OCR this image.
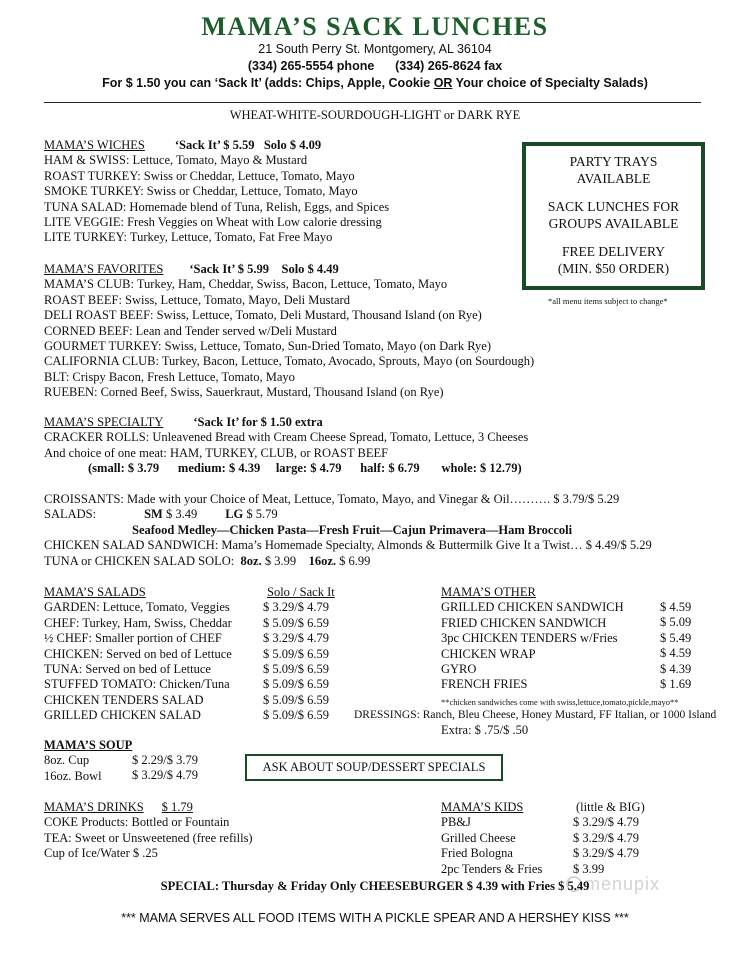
MAMA’S SACK LUNCHES
21 South Perry St. Montgomery, AL 36104
(334) 265-5554 phone      (334) 265-8624 fax
For $ 1.50 you can ‘Sack It’ (adds: Chips, Apple, Cookie OR Your choice of Specialty Salads)
WHEAT-WHITE-SOURDOUGH-LIGHT or DARK RYE
MAMA’S WICHES ‘Sack It’ $ 5.59   Solo $ 4.09
HAM & SWISS: Lettuce, Tomato, Mayo & Mustard
ROAST TURKEY: Swiss or Cheddar, Lettuce, Tomato, Mayo
SMOKE TURKEY: Swiss or Cheddar, Lettuce, Tomato, Mayo
TUNA SALAD: Homemade blend of Tuna, Relish, Eggs, and Spices
LITE VEGGIE: Fresh Veggies on Wheat with Low calorie dressing
LITE TURKEY: Turkey, Lettuce, Tomato, Fat Free Mayo
PARTY TRAYS

AVAILABLE

SACK LUNCHES FOR

GROUPS AVAILABLE

FREE DELIVERY
(MIN. $50 ORDER)
*all menu items subject to change*
MAMA’S FAVORITES ‘Sack It’ $ 5.99    Solo $ 4.49
MAMA’S CLUB: Turkey, Ham, Cheddar, Swiss, Bacon, Lettuce, Tomato, Mayo
ROAST BEEF: Swiss, Lettuce, Tomato, Mayo, Deli Mustard
DELI ROAST BEEF: Swiss, Lettuce, Tomato, Deli Mustard, Thousand Island (on Rye)
CORNED BEEF: Lean and Tender served w/Deli Mustard
GOURMET TURKEY: Swiss, Lettuce, Tomato, Sun-Dried Tomato, Mayo (on Dark Rye)
CALIFORNIA CLUB: Turkey, Bacon, Lettuce, Tomato, Avocado, Sprouts, Mayo (on Sourdough)
BLT: Crispy Bacon, Fresh Lettuce, Tomato, Mayo
RUEBEN: Corned Beef, Swiss, Sauerkraut, Mustard, Thousand Island (on Rye)
MAMA’S SPECIALTY ‘Sack It’ for $ 1.50 extra
CRACKER ROLLS: Unleavened Bread with Cream Cheese Spread, Tomato, Lettuce, 3 Cheeses
And choice of one meat: HAM, TURKEY, CLUB, or ROAST BEEF
(small: $ 3.79      medium: $ 4.39     large: $ 4.79      half: $ 6.79       whole: $ 12.79)
CROISSANTS: Made with your Choice of Meat, Lettuce, Tomato, Mayo, and Vinegar & Oil………. $ 3.79/$ 5.29
SALADS:	SM $ 3.49 LG $ 5.79
Seafood Medley—Chicken Pasta—Fresh Fruit—Cajun Primavera—Ham Broccoli
CHICKEN SALAD SANDWICH: Mama’s Homemade Specialty, Almonds & Buttermilk Give It a Twist… $ 4.49/$ 5.29
TUNA or CHICKEN SALAD SOLO:  8oz. $ 3.99    16oz. $ 6.99
MAMA’S SALADS
GARDEN: Lettuce, Tomato, Veggies
CHEF: Turkey, Ham, Swiss, Cheddar
½ CHEF: Smaller portion of CHEF
CHICKEN: Served on bed of Lettuce
TUNA: Served on bed of Lettuce
STUFFED TOMATO: Chicken/Tuna
CHICKEN TENDERS SALAD
GRILLED CHICKEN SALAD
Solo / Sack It
$ 3.29/$ 4.79
$ 5.09/$ 6.59
$ 3.29/$ 4.79
$ 5.09/$ 6.59
$ 5.09/$ 6.59
$ 5.09/$ 6.59
$ 5.09/$ 6.59
$ 5.09/$ 6.59
MAMA’S OTHER
GRILLED CHICKEN SANDWICH
FRIED CHICKEN SANDWICH
3pc CHICKEN TENDERS w/Fries
CHICKEN WRAP
GYRO
FRENCH FRIES
$ 4.59
$ 5.09
$ 5.49
$ 4.59
$ 4.39
$ 1.69
**chicken sandwiches come with swiss,lettuce,tomato,pickle,mayo**
DRESSINGS: Ranch, Bleu Cheese, Honey Mustard, FF Italian, or 1000 Island
Extra: $ .75/$ .50
MAMA’S SOUP
8oz. Cup
16oz. Bowl
$ 2.29/$ 3.79
$ 3.29/$ 4.79
ASK ABOUT SOUP/DESSERT SPECIALS
MAMA’S DRINKS $ 1.79
COKE Products: Bottled or Fountain
TEA: Sweet or Unsweetened (free refills)
Cup of Ice/Water $ .25
MAMA’S KIDS
PB&J
Grilled Cheese
Fried Bologna
2pc Tenders & Fries
(little & BIG)
$ 3.29/$ 4.79
$ 3.29/$ 4.79
$ 3.29/$ 4.79
$ 3.99
menupix
SPECIAL: Thursday & Friday Only CHEESEBURGER $ 4.39 with Fries $ 5.49
*** MAMA SERVES ALL FOOD ITEMS WITH A PICKLE SPEAR AND A HERSHEY KISS ***
